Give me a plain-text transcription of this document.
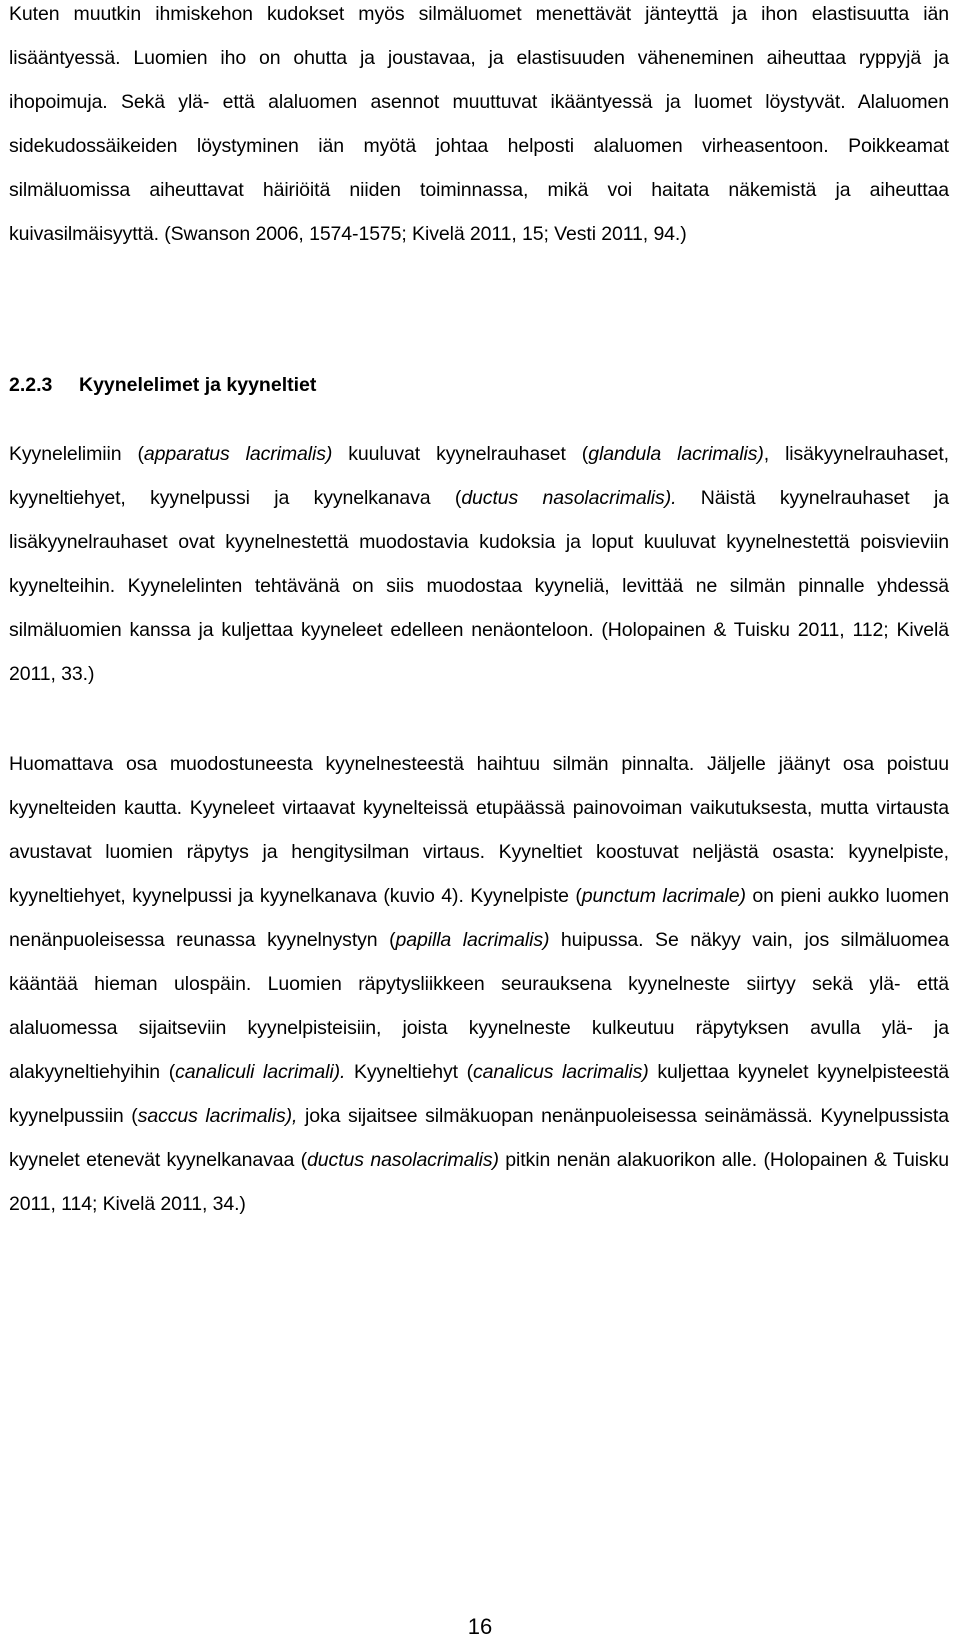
Kuten muutkin ihmiskehon kudokset myös silmäluomet menettävät jänteyttä ja ihon elastisuutta iän lisääntyessä. Luomien iho on ohutta ja joustavaa, ja elastisuuden väheneminen aiheuttaa ryppyjä ja ihopoimuja. Sekä ylä- että alaluomen asennot muuttuvat ikääntyessä ja luomet löystyvät. Alaluomen sidekudossäikeiden löystyminen iän myötä johtaa helposti alaluomen virheasentoon. Poikkeamat silmäluomissa aiheuttavat häiriöitä niiden toiminnassa, mikä voi haitata näkemistä ja aiheuttaa kuivasilmäisyyttä. (Swanson 2006, 1574-1575; Kivelä 2011, 15; Vesti 2011, 94.)

2.2.3 Kyynelelimet ja kyyneltiet

Kyynelelimiin (apparatus lacrimalis) kuuluvat kyynelrauhaset (glandula lacrimalis), lisäkyynelrauhaset, kyyneltiehyet, kyynelpussi ja kyynelkanava (ductus nasolacrimalis). Näistä kyynelrauhaset ja lisäkyynelrauhaset ovat kyynelnestettä muodostavia kudoksia ja loput kuuluvat kyynelnestettä poisvieviin kyynelteihin. Kyynelelinten tehtävänä on siis muodostaa kyyneliä, levittää ne silmän pinnalle yhdessä silmäluomien kanssa ja kuljettaa kyyneleet edelleen nenäonteloon. (Holopainen & Tuisku 2011, 112; Kivelä 2011, 33.)

Huomattava osa muodostuneesta kyynelnesteestä haihtuu silmän pinnalta. Jäljelle jäänyt osa poistuu kyynelteiden kautta. Kyyneleet virtaavat kyynelteissä etupäässä painovoiman vaikutuksesta, mutta virtausta avustavat luomien räpytys ja hengitysilman virtaus. Kyyneltiet koostuvat neljästä osasta: kyynelpiste, kyyneltiehyet, kyynelpussi ja kyynelkanava (kuvio 4). Kyynelpiste (punctum lacrimale) on pieni aukko luomen nenänpuoleisessa reunassa kyynelnystyn (papilla lacrimalis) huipussa. Se näkyy vain, jos silmäluomea kääntää hieman ulospäin. Luomien räpytysliikkeen seurauksena kyynelneste siirtyy sekä ylä- että alaluomessa sijaitseviin kyynelpisteisiin, joista kyynelneste kulkeutuu räpytyksen avulla ylä- ja alakyyneltiehyihin (canaliculi lacrimali). Kyyneltiehyt (canalicus lacrimalis) kuljettaa kyynelet kyynelpisteestä kyynelpussiin (saccus lacrimalis), joka sijaitsee silmäkuopan nenänpuoleisessa seinämässä. Kyynelpussista kyynelet etenevät kyynelkanavaa (ductus nasolacrimalis) pitkin nenän alakuorikon alle. (Holopainen & Tuisku 2011, 114; Kivelä 2011, 34.)

16
